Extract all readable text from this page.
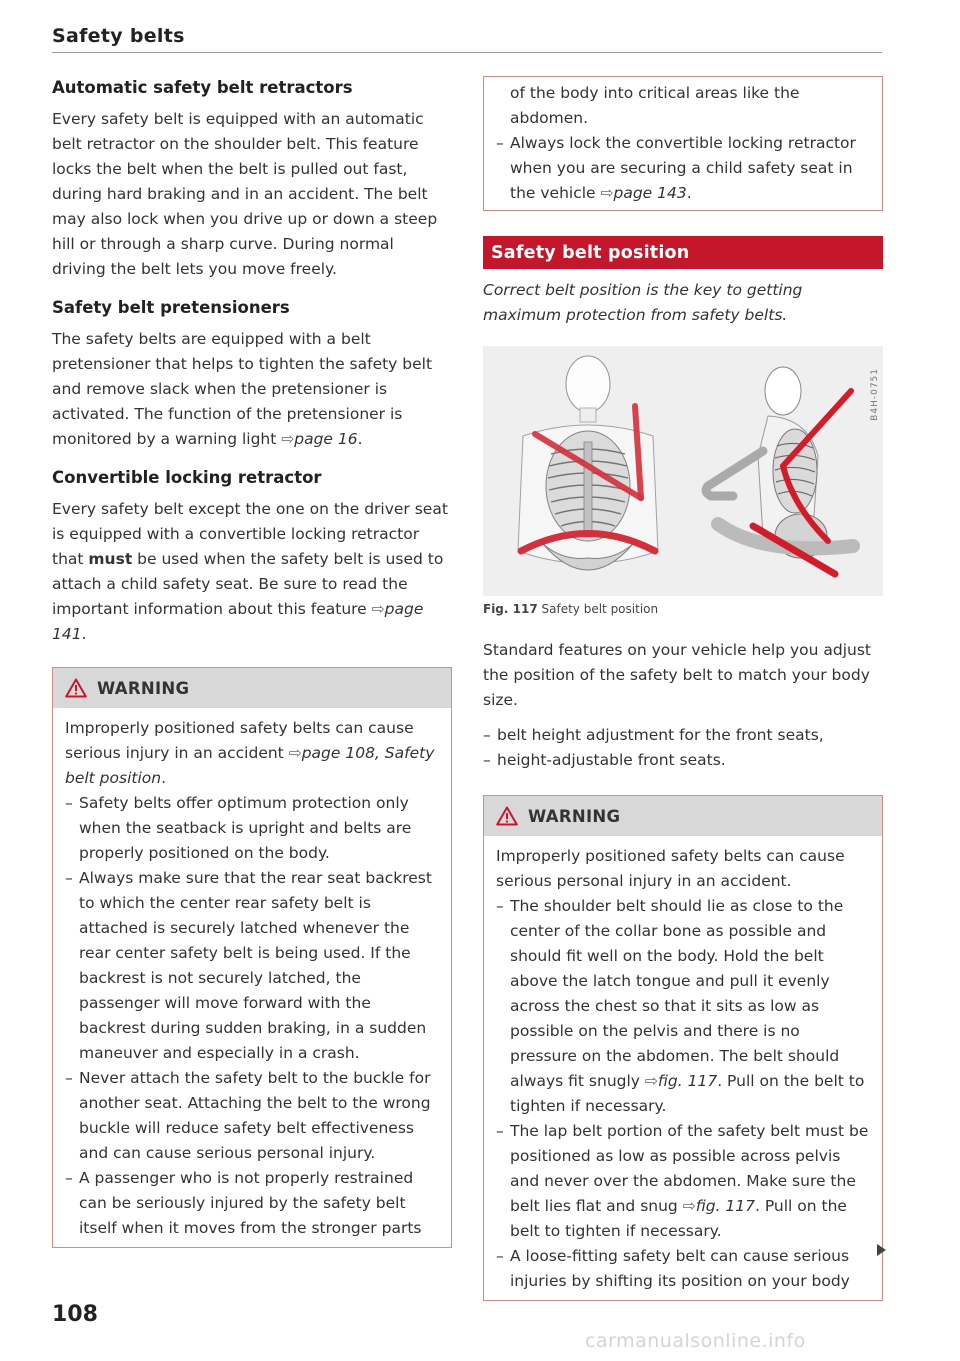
Safety belts
Automatic safety belt retractors

Every safety belt is equipped with an automatic belt retractor on the shoulder belt. This feature locks the belt when the belt is pulled out fast, during hard braking and in an accident. The belt may also lock when you drive up or down a steep hill or through a sharp curve. During normal driving the belt lets you move freely.

Safety belt pretensioners

The safety belts are equipped with a belt pretensioner that helps to tighten the safety belt and remove slack when the pretensioner is activated. The function of the pretensioner is monitored by a warning light ⇨page 16.

Convertible locking retractor

Every safety belt except the one on the driver seat is equipped with a convertible locking retractor that must be used when the safety belt is used to attach a child safety seat. Be sure to read the important information about this feature ⇨page 141.

WARNING

Improperly positioned safety belts can cause serious injury in an accident ⇨page 108, Safety belt position.

– Safety belts offer optimum protection only when the seatback is upright and belts are properly positioned on the body.
– Always make sure that the rear seat backrest to which the center rear safety belt is attached is securely latched whenever the rear center safety belt is being used. If the backrest is not securely latched, the passenger will move forward with the backrest during sudden braking, in a sudden maneuver and especially in a crash.
– Never attach the safety belt to the buckle for another seat. Attaching the belt to the wrong buckle will reduce safety belt effectiveness and can cause serious personal injury.
– A passenger who is not properly restrained can be seriously injured by the safety belt itself when it moves from the stronger parts
of the body into critical areas like the abdomen.
– Always lock the convertible locking retractor when you are securing a child safety seat in the vehicle ⇨page 143.
Safety belt position

Correct belt position is the key to getting maximum protection from safety belts.

B4H-0751
Fig. 117 Safety belt position

Standard features on your vehicle help you adjust the position of the safety belt to match your body size.

– belt height adjustment for the front seats,
– height-adjustable front seats.
WARNING

Improperly positioned safety belts can cause serious personal injury in an accident.

– The shoulder belt should lie as close to the center of the collar bone as possible and should fit well on the body. Hold the belt above the latch tongue and pull it evenly across the chest so that it sits as low as possible on the pelvis and there is no pressure on the abdomen. The belt should always fit snugly ⇨fig. 117. Pull on the belt to tighten if necessary.
– The lap belt portion of the safety belt must be positioned as low as possible across pelvis and never over the abdomen. Make sure the belt lies flat and snug ⇨fig. 117. Pull on the belt to tighten if necessary.
– A loose-fitting safety belt can cause serious injuries by shifting its position on your body
108
carmanualsonline.info
